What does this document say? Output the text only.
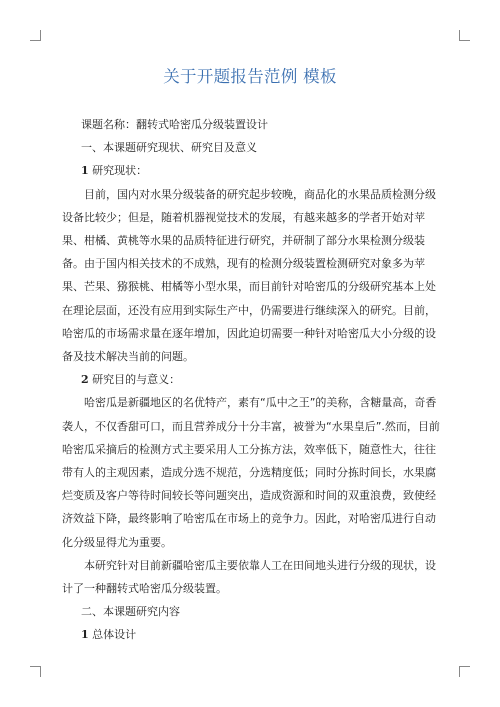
关于开题报告范例 模板

课题名称：翻转式哈密瓜分级装置设计

一、本课题研究现状、研究目及意义

1 研究现状：

目前，国内对水果分级装备的研究起步较晚，商品化的水果品质检测分级设备比较少；但是，随着机器视觉技术的发展，有越来越多的学者开始对苹果、柑橘、黄桃等水果的品质特征进行研究，并研制了部分水果检测分级装备。由于国内相关技术的不成熟，现有的检测分级装置检测研究对象多为苹果、芒果、猕猴桃、柑橘等小型水果，而目前针对哈密瓜的分级研究基本上处在理论层面，还没有应用到实际生产中，仍需要进行继续深入的研究。目前，哈密瓜的市场需求量在逐年增加，因此迫切需要一种针对哈密瓜大小分级的设备及技术解决当前的问题。

2 研究目的与意义：

哈密瓜是新疆地区的名优特产，素有“瓜中之王”的美称，含糖量高，奇香袭人，不仅香甜可口，而且营养成分十分丰富，被誉为“水果皇后”.然而，目前哈密瓜采摘后的检测方式主要采用人工分拣方法，效率低下，随意性大，往往带有人的主观因素，造成分选不规范，分选精度低；同时分拣时间长，水果腐烂变质及客户等待时间较长等问题突出，造成资源和时间的双重浪费，致使经济效益下降，最终影响了哈密瓜在市场上的竞争力。因此，对哈密瓜进行自动化分级显得尤为重要。

本研究针对目前新疆哈密瓜主要依靠人工在田间地头进行分级的现状，设计了一种翻转式哈密瓜分级装置。

二、本课题研究内容

1 总体设计
